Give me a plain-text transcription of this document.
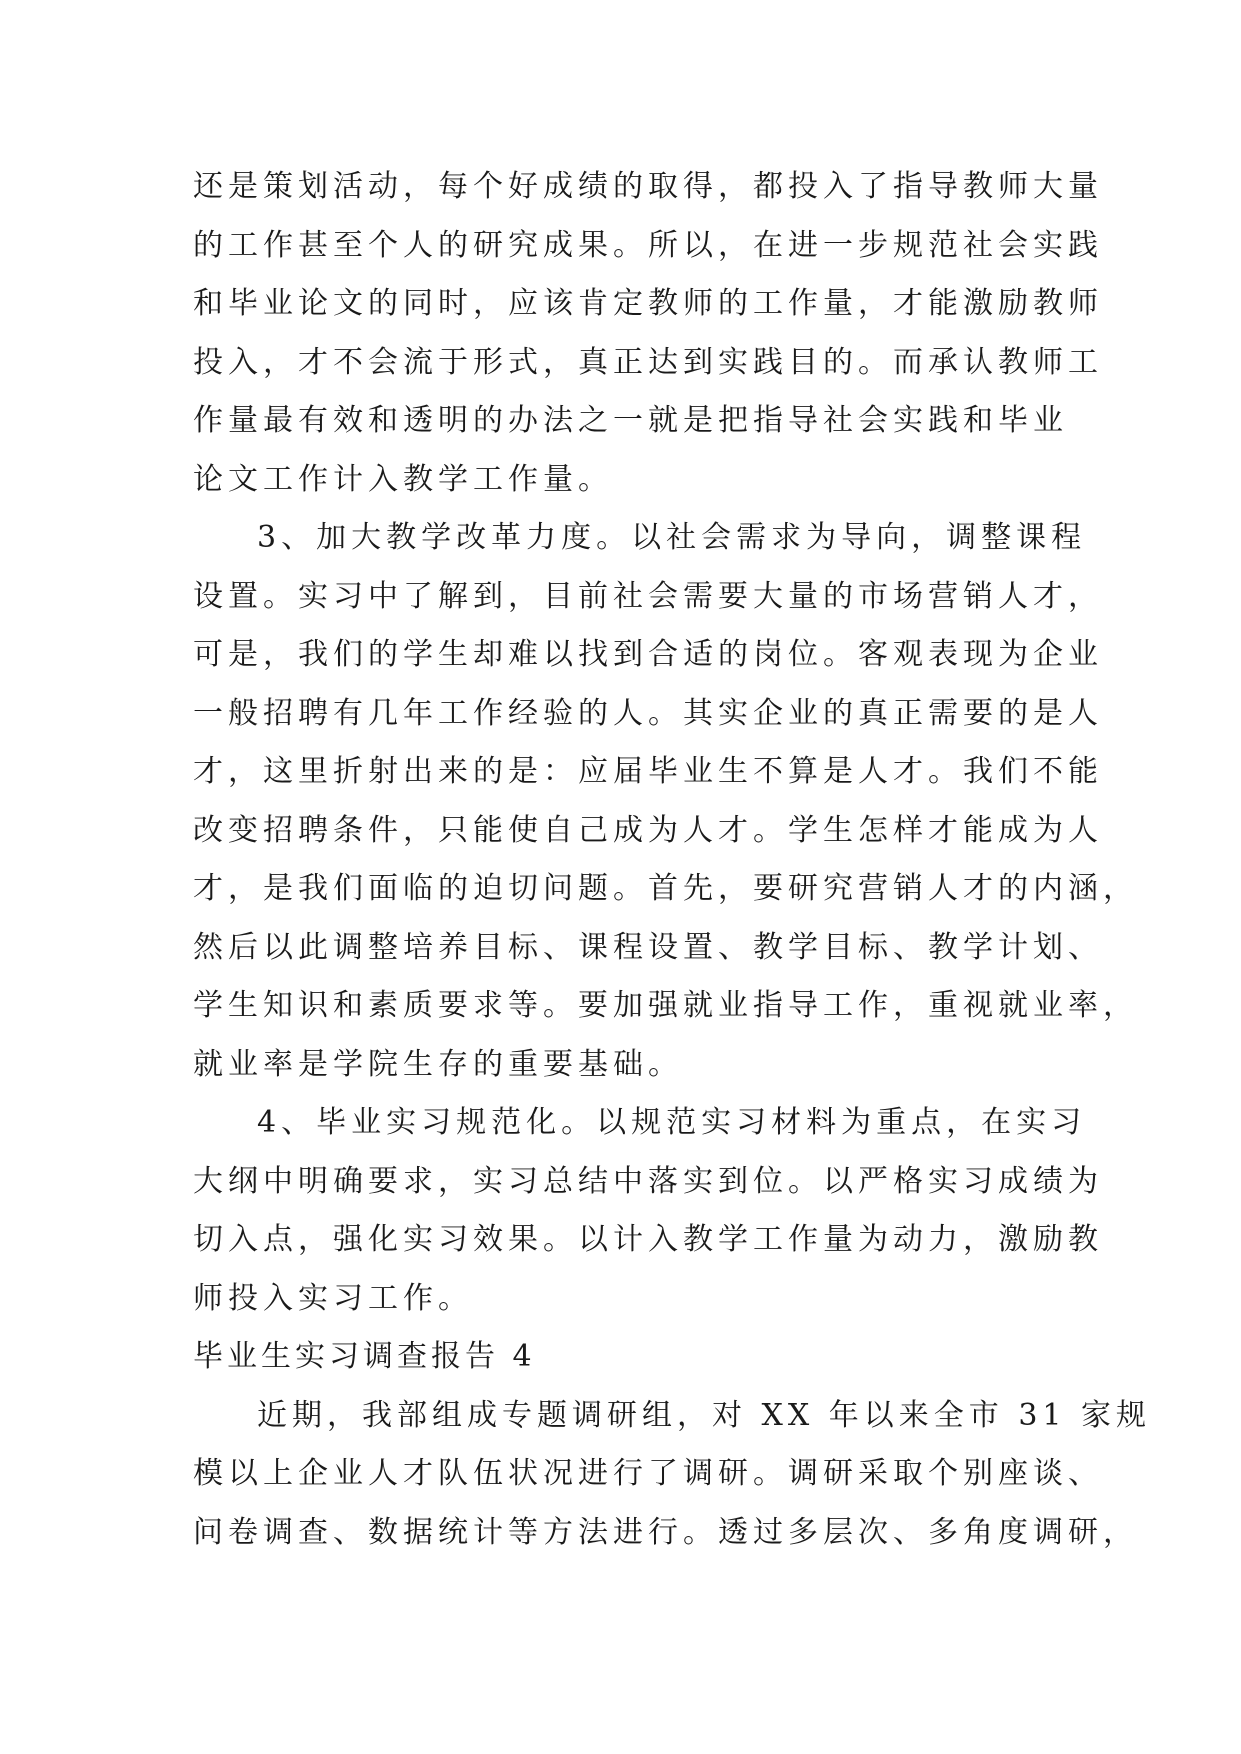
还是策划活动，每个好成绩的取得，都投入了指导教师大量
的工作甚至个人的研究成果。所以，在进一步规范社会实践
和毕业论文的同时，应该肯定教师的工作量，才能激励教师
投入，才不会流于形式，真正达到实践目的。而承认教师工
作量最有效和透明的办法之一就是把指导社会实践和毕业
论文工作计入教学工作量。
3、加大教学改革力度。以社会需求为导向，调整课程
设置。实习中了解到，目前社会需要大量的市场营销人才，
可是，我们的学生却难以找到合适的岗位。客观表现为企业
一般招聘有几年工作经验的人。其实企业的真正需要的是人
才，这里折射出来的是：应届毕业生不算是人才。我们不能
改变招聘条件，只能使自己成为人才。学生怎样才能成为人
才，是我们面临的迫切问题。首先，要研究营销人才的内涵，
然后以此调整培养目标、课程设置、教学目标、教学计划、
学生知识和素质要求等。要加强就业指导工作，重视就业率，
就业率是学院生存的重要基础。
4、毕业实习规范化。以规范实习材料为重点，在实习
大纲中明确要求，实习总结中落实到位。以严格实习成绩为
切入点，强化实习效果。以计入教学工作量为动力，激励教
师投入实习工作。
毕业生实习调查报告 4
近期，我部组成专题调研组，对 XX 年以来全市 31 家规
模以上企业人才队伍状况进行了调研。调研采取个别座谈、
问卷调查、数据统计等方法进行。透过多层次、多角度调研，
